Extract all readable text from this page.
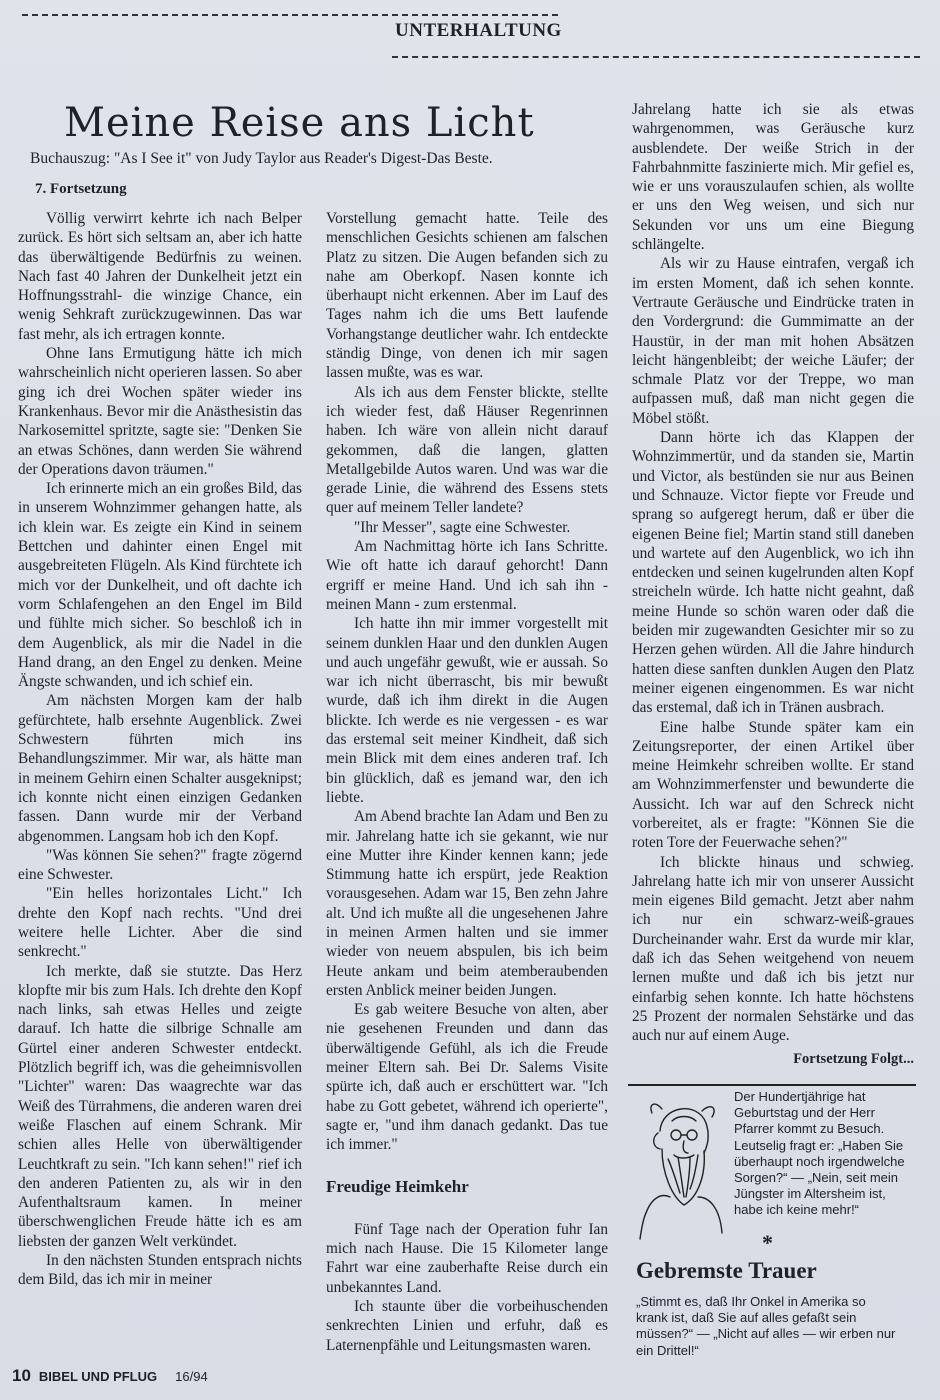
UNTERHALTUNG
Meine Reise ans Licht
Buchauszug: "As I See it" von Judy Taylor aus Reader's Digest-Das Beste.
7. Fortsetzung

Völlig verwirrt kehrte ich nach Belper zurück. Es hört sich seltsam an, aber ich hatte das überwältigende Bedürfnis zu weinen. Nach fast 40 Jahren der Dunkelheit jetzt ein Hoffnungsstrahl- die winzige Chance, ein wenig Sehkraft zurückzugewinnen. Das war fast mehr, als ich ertragen konnte.

Ohne Ians Ermutigung hätte ich mich wahrscheinlich nicht operieren lassen. So aber ging ich drei Wochen später wieder ins Krankenhaus. Bevor mir die Anästhesistin das Narkosemittel spritzte, sagte sie: "Denken Sie an etwas Schönes, dann werden Sie während der Operations davon träumen."

Ich erinnerte mich an ein großes Bild, das in unserem Wohnzimmer gehangen hatte, als ich klein war. Es zeigte ein Kind in seinem Bettchen und dahinter einen Engel mit ausgebreiteten Flügeln. Als Kind fürchtete ich mich vor der Dunkelheit, und oft dachte ich vorm Schlafengehen an den Engel im Bild und fühlte mich sicher. So beschloß ich in dem Augenblick, als mir die Nadel in die Hand drang, an den Engel zu denken. Meine Ängste schwanden, und ich schief ein.

Am nächsten Morgen kam der halb gefürchtete, halb ersehnte Augenblick. Zwei Schwestern führten mich ins Behandlungszimmer. Mir war, als hätte man in meinem Gehirn einen Schalter ausgeknipst; ich konnte nicht einen einzigen Gedanken fassen. Dann wurde mir der Verband abgenommen. Langsam hob ich den Kopf.

"Was können Sie sehen?" fragte zögernd eine Schwester.

"Ein helles horizontales Licht." Ich drehte den Kopf nach rechts. "Und drei weitere helle Lichter. Aber die sind senkrecht."

Ich merkte, daß sie stutzte. Das Herz klopfte mir bis zum Hals. Ich drehte den Kopf nach links, sah etwas Helles und zeigte darauf. Ich hatte die silbrige Schnalle am Gürtel einer anderen Schwester entdeckt. Plötzlich begriff ich, was die geheimnisvollen "Lichter" waren: Das waagrechte war das Weiß des Türrahmens, die anderen waren drei weiße Flaschen auf einem Schrank. Mir schien alles Helle von überwältigender Leuchtkraft zu sein. "Ich kann sehen!" rief ich den anderen Patienten zu, als wir in den Aufenthaltsraum kamen. In meiner überschwenglichen Freude hätte ich es am liebsten der ganzen Welt verkündet.

In den nächsten Stunden entsprach nichts dem Bild, das ich mir in meiner

Vorstellung gemacht hatte. Teile des menschlichen Gesichts schienen am falschen Platz zu sitzen. Die Augen befanden sich zu nahe am Oberkopf. Nasen konnte ich überhaupt nicht erkennen. Aber im Lauf des Tages nahm ich die ums Bett laufende Vorhangstange deutlicher wahr. Ich entdeckte ständig Dinge, von denen ich mir sagen lassen mußte, was es war.

Als ich aus dem Fenster blickte, stellte ich wieder fest, daß Häuser Regenrinnen haben. Ich wäre von allein nicht darauf gekommen, daß die langen, glatten Metallgebilde Autos waren. Und was war die gerade Linie, die während des Essens stets quer auf meinem Teller landete?

"Ihr Messer", sagte eine Schwester.

Am Nachmittag hörte ich Ians Schritte. Wie oft hatte ich darauf gehorcht! Dann ergriff er meine Hand. Und ich sah ihn - meinen Mann - zum erstenmal.

Ich hatte ihn mir immer vorgestellt mit seinem dunklen Haar und den dunklen Augen und auch ungefähr gewußt, wie er aussah. So war ich nicht überrascht, bis mir bewußt wurde, daß ich ihm direkt in die Augen blickte. Ich werde es nie vergessen - es war das erstemal seit meiner Kindheit, daß sich mein Blick mit dem eines anderen traf. Ich bin glücklich, daß es jemand war, den ich liebte.

Am Abend brachte Ian Adam und Ben zu mir. Jahrelang hatte ich sie gekannt, wie nur eine Mutter ihre Kinder kennen kann; jede Stimmung hatte ich erspürt, jede Reaktion vorausgesehen. Adam war 15, Ben zehn Jahre alt. Und ich mußte all die ungesehenen Jahre in meinen Armen halten und sie immer wieder von neuem abspulen, bis ich beim Heute ankam und beim atemberaubenden ersten Anblick meiner beiden Jungen.

Es gab weitere Besuche von alten, aber nie gesehenen Freunden und dann das überwältigende Gefühl, als ich die Freude meiner Eltern sah. Bei Dr. Salems Visite spürte ich, daß auch er erschüttert war. "Ich habe zu Gott gebetet, während ich operierte", sagte er, "und ihm danach gedankt. Das tue ich immer."

Freudige Heimkehr

Fünf Tage nach der Operation fuhr Ian mich nach Hause. Die 15 Kilometer lange Fahrt war eine zauberhafte Reise durch ein unbekanntes Land.

Ich staunte über die vorbeihuschenden senkrechten Linien und erfuhr, daß es Laternenpfähle und Leitungsmasten waren.

Jahrelang hatte ich sie als etwas wahrgenommen, was Geräusche kurz ausblendete. Der weiße Strich in der Fahrbahnmitte faszinierte mich. Mir gefiel es, wie er uns vorauszulaufen schien, als wollte er uns den Weg weisen, und sich nur Sekunden vor uns um eine Biegung schlängelte.

Als wir zu Hause eintrafen, vergaß ich im ersten Moment, daß ich sehen konnte. Vertraute Geräusche und Eindrücke traten in den Vordergrund: die Gummimatte an der Haustür, in der man mit hohen Absätzen leicht hängenbleibt; der weiche Läufer; der schmale Platz vor der Treppe, wo man aufpassen muß, daß man nicht gegen die Möbel stößt.

Dann hörte ich das Klappen der Wohnzimmertür, und da standen sie, Martin und Victor, als bestünden sie nur aus Beinen und Schnauze. Victor fiepte vor Freude und sprang so aufgeregt herum, daß er über die eigenen Beine fiel; Martin stand still daneben und wartete auf den Augenblick, wo ich ihn entdecken und seinen kugelrunden alten Kopf streicheln würde. Ich hatte nicht geahnt, daß meine Hunde so schön waren oder daß die beiden mir zugewandten Gesichter mir so zu Herzen gehen würden. All die Jahre hindurch hatten diese sanften dunklen Augen den Platz meiner eigenen eingenommen. Es war nicht das erstemal, daß ich in Tränen ausbrach.

Eine halbe Stunde später kam ein Zeitungsreporter, der einen Artikel über meine Heimkehr schreiben wollte. Er stand am Wohnzimmerfenster und bewunderte die Aussicht. Ich war auf den Schreck nicht vorbereitet, als er fragte: "Können Sie die roten Tore der Feuerwache sehen?"

Ich blickte hinaus und schwieg. Jahrelang hatte ich mir von unserer Aussicht mein eigenes Bild gemacht. Jetzt aber nahm ich nur ein schwarz-weiß-graues Durcheinander wahr. Erst da wurde mir klar, daß ich das Sehen weitgehend von neuem lernen mußte und daß ich bis jetzt nur einfarbig sehen konnte. Ich hatte höchstens 25 Prozent der normalen Sehstärke und das auch nur auf einem Auge.

Fortsetzung Folgt...

Der Hundertjährige hat Geburtstag und der Herr Pfarrer kommt zu Besuch. Leutselig fragt er: „Haben Sie überhaupt noch irgendwelche Sorgen?“ — „Nein, seit mein Jüngster im Altersheim ist, habe ich keine mehr!“
*
Gebremste Trauer
„Stimmt es, daß Ihr Onkel in Amerika so krank ist, daß Sie auf alles gefaßt sein müssen?“ — „Nicht auf alles — wir erben nur ein Drittel!“
10 BIBEL UND PFLUG 16/94
